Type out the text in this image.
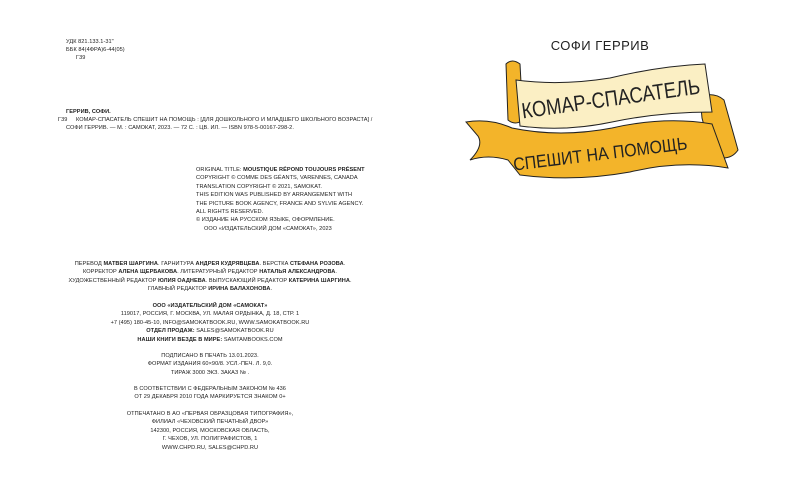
УДК 821.133.1-31"
ББК 84(4ФРА)6-44(05)
Г39
ГЕРРИВ, СОФИ.
Г39 КОМАР-СПАСАТЕЛЬ СПЕШИТ НА ПОМОЩЬ : [ДЛЯ ДОШКОЛЬНОГО И МЛАДШЕГО ШКОЛЬНОГО ВОЗРАСТА] /
СОФИ ГЕРРИВ. — М. : САМОКАТ, 2023. — 72 С. : ЦВ. ИЛ. — ISBN 978-5-00167-298-2.
ORIGINAL TITLE: MOUSTIQUE RÉPOND TOUJOURS PRÉSENT
COPYRIGHT © COMME DES GÉANTS, VARENNES, CANADA
TRANSLATION COPYRIGHT © 2021, SAMOKAT.
THIS EDITION WAS PUBLISHED BY ARRANGEMENT WITH
THE PICTURE BOOK AGENCY, FRANCE AND SYLVIE AGENCY.
ALL RIGHTS RESERVED.
© ИЗДАНИЕ НА РУССКОМ ЯЗЫКЕ, ОФОРМЛЕНИЕ.
ООО «ИЗДАТЕЛЬСКИЙ ДОМ «САМОКАТ», 2023
ПЕРЕВОД МАТВЕЯ ШАРГИНА. ГАРНИТУРА АНДРЕЯ КУДРЯВЦЕВА. ВЕРСТКА СТЕФАНА РОЗОВА.
КОРРЕКТОР АЛЕНА ЩЕРБАКОВА. ЛИТЕРАТУРНЫЙ РЕДАКТОР НАТАЛЬЯ АЛЕКСАНДРОВА.
ХУДОЖЕСТВЕННЫЙ РЕДАКТОР ЮЛИЯ ОАДНЕВА. ВЫПУСКАЮЩИЙ РЕДАКТОР КАТЕРИНА ШАРГИНА.
ГЛАВНЫЙ РЕДАКТОР ИРИНА БАЛАХОНОВА.
ООО «ИЗДАТЕЛЬСКИЙ ДОМ «САМОКАТ»
119017, РОССИЯ, Г. МОСКВА, УЛ. МАЛАЯ ОРДЫНКА, Д. 18, СТР. 1
+7 (495) 180-45-10, INFO@SAMOKATBOOK.RU, WWW.SAMOKATBOOK.RU
ОТДЕЛ ПРОДАЖ: SALES@SAMOKATBOOK.RU
НАШИ КНИГИ ВЕЗДЕ В МИРЕ: SAMTAMBOOKS.COM
ПОДПИСАНО В ПЕЧАТЬ 13.01.2023.
ФОРМАТ ИЗДАНИЯ 60×90/8. УСЛ.-ПЕЧ. Л. 9,0.
ТИРАЖ 3000 ЭКЗ. ЗАКАЗ № .
В СООТВЕТСТВИИ С ФЕДЕРАЛЬНЫМ ЗАКОНОМ № 436
ОТ 29 ДЕКАБРЯ 2010 ГОДА МАРКИРУЕТСЯ ЗНАКОМ 0+
ОТПЕЧАТАНО В АО «ПЕРВАЯ ОБРАЗЦОВАЯ ТИПОГРАФИЯ»,
ФИЛИАЛ «ЧЕХОВСКИЙ ПЕЧАТНЫЙ ДВОР»
142300, РОССИЯ, МОСКОВСКАЯ ОБЛАСТЬ,
Г. ЧЕХОВ, УЛ. ПОЛИГРАФИСТОВ, 1
WWW.CHPD.RU, SALES@CHPD.RU
СОФИ ГЕРРИВ
КОМАР-СПАСАТЕЛЬ
СПЕШИТ НА ПОМОЩЬ
